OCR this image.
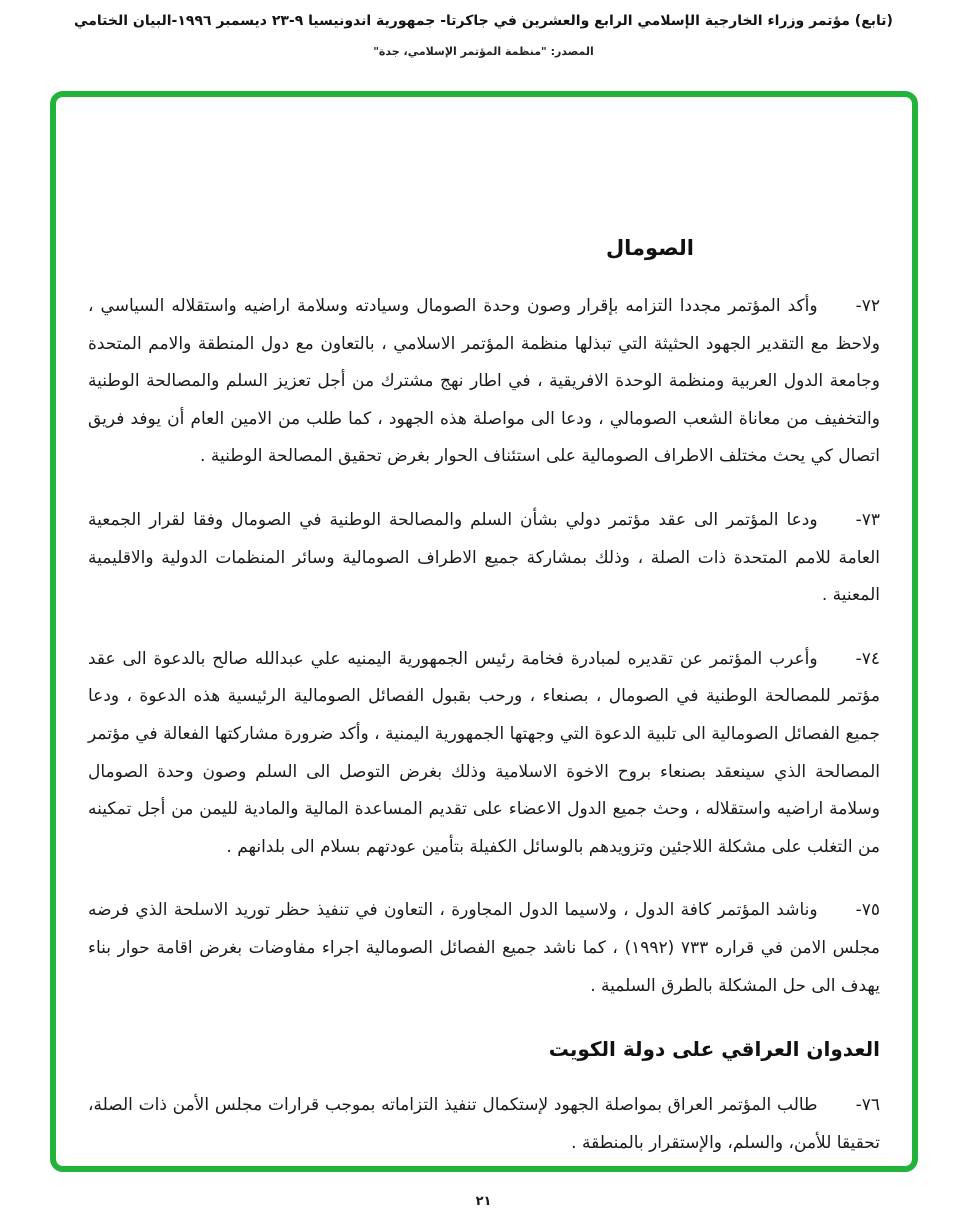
(تابع) مؤتمر وزراء الخارجية الإسلامي الرابع والعشرين في جاكرتا- جمهورية اندونيسيا ٩-٢٣ ديسمبر ١٩٩٦-البيان الختامي
المصدر: "منظمة المؤتمر الإسلامي، جدة"
الصومال

٧٢-وأكد المؤتمر مجددا التزامه بإقرار وصون وحدة الصومال وسيادته وسلامة اراضيه واستقلاله السياسي ، ولاحظ مع التقدير الجهود الحثيثة التي تبذلها منظمة المؤتمر الاسلامي ، بالتعاون مع دول المنطقة والامم المتحدة وجامعة الدول العربية ومنظمة الوحدة الافريقية ، في اطار نهج مشترك من أجل تعزيز السلم والمصالحة الوطنية والتخفيف من معاناة الشعب الصومالي ، ودعا الى مواصلة هذه الجهود ، كما طلب من الامين العام أن يوفد فريق اتصال كي يحث مختلف الاطراف الصومالية على استئناف الحوار بغرض تحقيق المصالحة الوطنية .

٧٣-ودعا المؤتمر الى عقد مؤتمر دولي بشأن السلم والمصالحة الوطنية في الصومال وفقا لقرار الجمعية العامة للامم المتحدة ذات الصلة ، وذلك بمشاركة جميع الاطراف الصومالية وسائر المنظمات الدولية والاقليمية المعنية .

٧٤-وأعرب المؤتمر عن تقديره لمبادرة فخامة رئيس الجمهورية اليمنيه علي عبدالله صالح بالدعوة الى عقد مؤتمر للمصالحة الوطنية في الصومال ، بصنعاء ، ورحب بقبول الفصائل الصومالية الرئيسية هذه الدعوة ، ودعا جميع الفصائل الصومالية الى تلبية الدعوة التي وجهتها الجمهورية اليمنية ، وأكد ضرورة مشاركتها الفعالة في مؤتمر المصالحة الذي سينعقد بصنعاء بروح الاخوة الاسلامية وذلك بغرض التوصل الى السلم وصون وحدة الصومال وسلامة اراضيه واستقلاله ، وحث جميع الدول الاعضاء على تقديم المساعدة المالية والمادية لليمن من أجل تمكينه من التغلب على مشكلة اللاجئين وتزويدهم بالوسائل الكفيلة بتأمين عودتهم بسلام الى بلدانهم .

٧٥-وناشد المؤتمر كافة الدول ، ولاسيما الدول المجاورة ، التعاون في تنفيذ حظر توريد الاسلحة الذي فرضه مجلس الامن في قراره ٧٣٣ (١٩٩٢) ، كما ناشد جميع الفصائل الصومالية اجراء مفاوضات بغرض اقامة حوار بناء يهدف الى حل المشكلة بالطرق السلمية .

العدوان العراقي على دولة الكويت

٧٦-طالب المؤتمر العراق بمواصلة الجهود لإستكمال تنفيذ التزاماته بموجب قرارات مجلس الأمن ذات الصلة، تحقيقا للأمن، والسلم، والإستقرار بالمنطقة .

٢١
